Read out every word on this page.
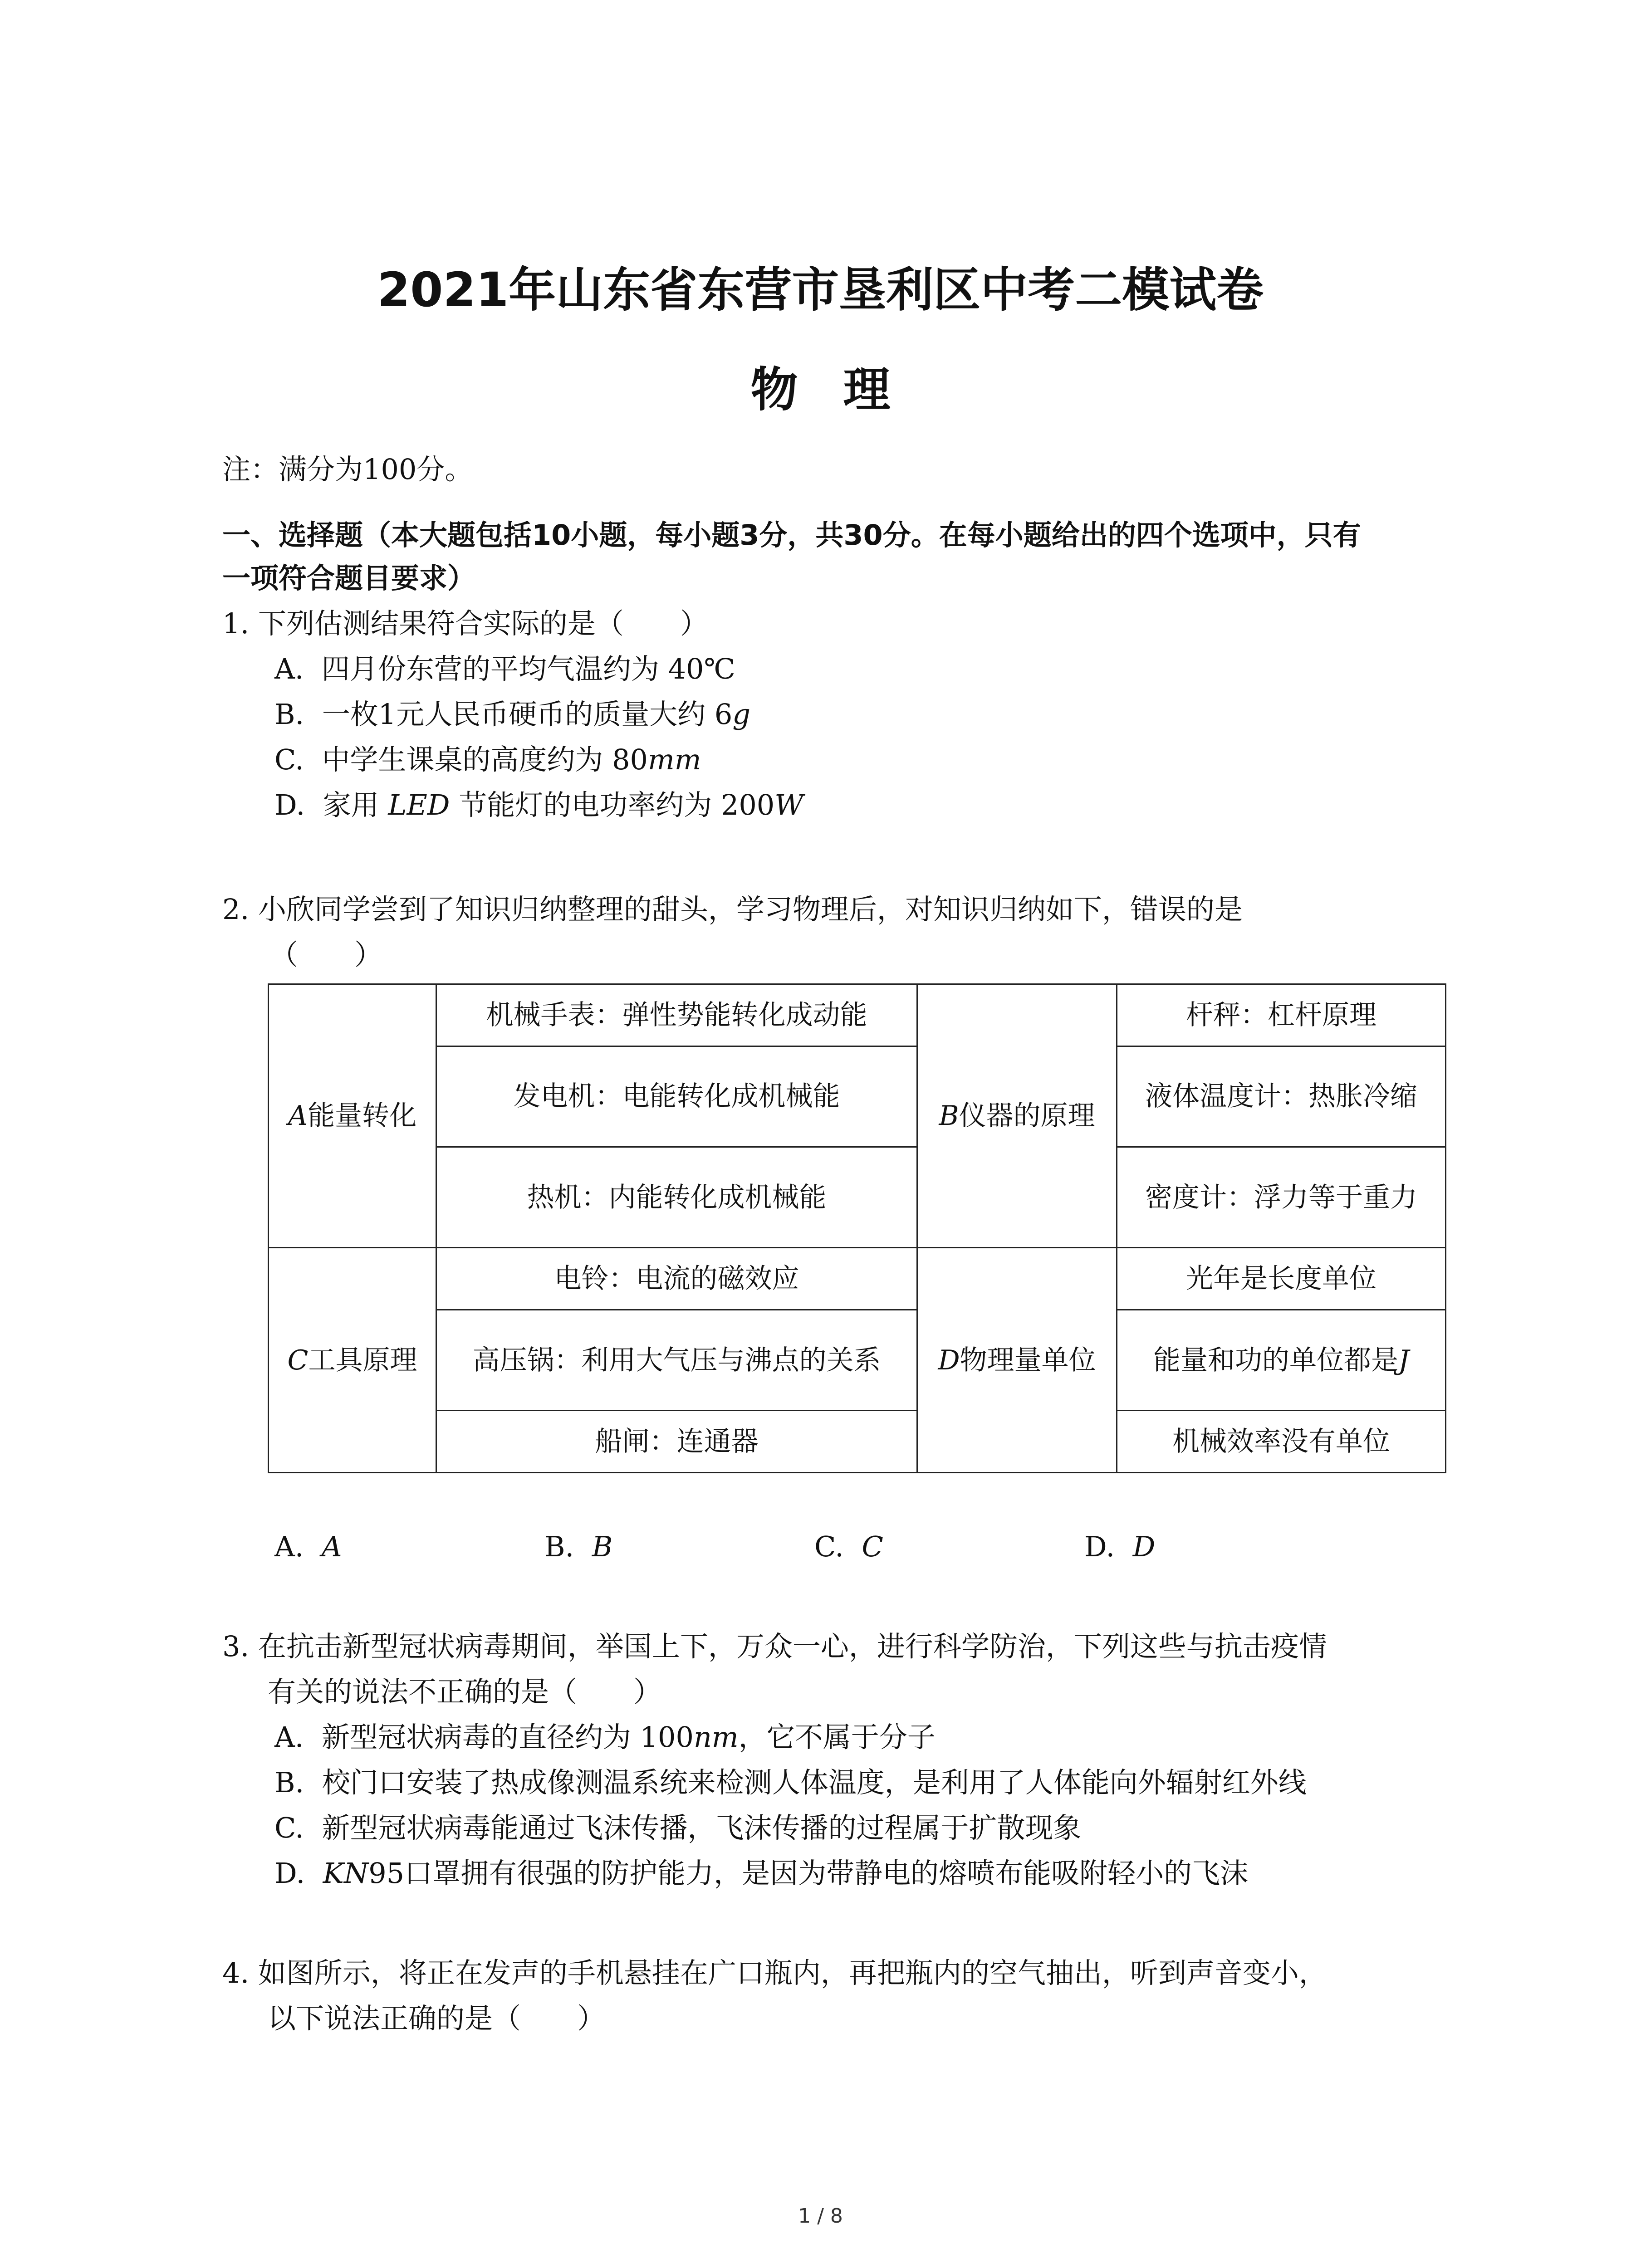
2021年山东省东营市垦利区中考二模试卷
物理
注：满分为100分。
一、选择题（本大题包括10小题，每小题3分，共30分。在每小题给出的四个选项中，只有
一项符合题目要求）
1. 下列估测结果符合实际的是（　　）
A. 四月份东营的平均气温约为 40℃
B. 一枚1元人民币硬币的质量大约 6g
C. 中学生课桌的高度约为 80mm
D. 家用 LED 节能灯的电功率约为 200W
2. 小欣同学尝到了知识归纳整理的甜头，学习物理后，对知识归纳如下，错误的是
（　　）
A能量转化	机械手表：弹性势能转化成动能	B仪器的原理	杆秤：杠杆原理
	发电机：电能转化成机械能		液体温度计：热胀冷缩
	热机：内能转化成机械能		密度计：浮力等于重力
C工具原理	电铃：电流的磁效应	D物理量单位	光年是长度单位
	高压锅：利用大气压与沸点的关系		能量和功的单位都是J
	船闸：连通器		机械效率没有单位
A. A	B. B	C. C	D. D
3. 在抗击新型冠状病毒期间，举国上下，万众一心，进行科学防治，下列这些与抗击疫情
有关的说法不正确的是（　　）
A. 新型冠状病毒的直径约为 100nm，它不属于分子
B. 校门口安装了热成像测温系统来检测人体温度，是利用了人体能向外辐射红外线
C. 新型冠状病毒能通过飞沫传播，飞沫传播的过程属于扩散现象
D. KN95口罩拥有很强的防护能力，是因为带静电的熔喷布能吸附轻小的飞沫
4. 如图所示，将正在发声的手机悬挂在广口瓶内，再把瓶内的空气抽出，听到声音变小，
以下说法正确的是（　　）
1 / 8
